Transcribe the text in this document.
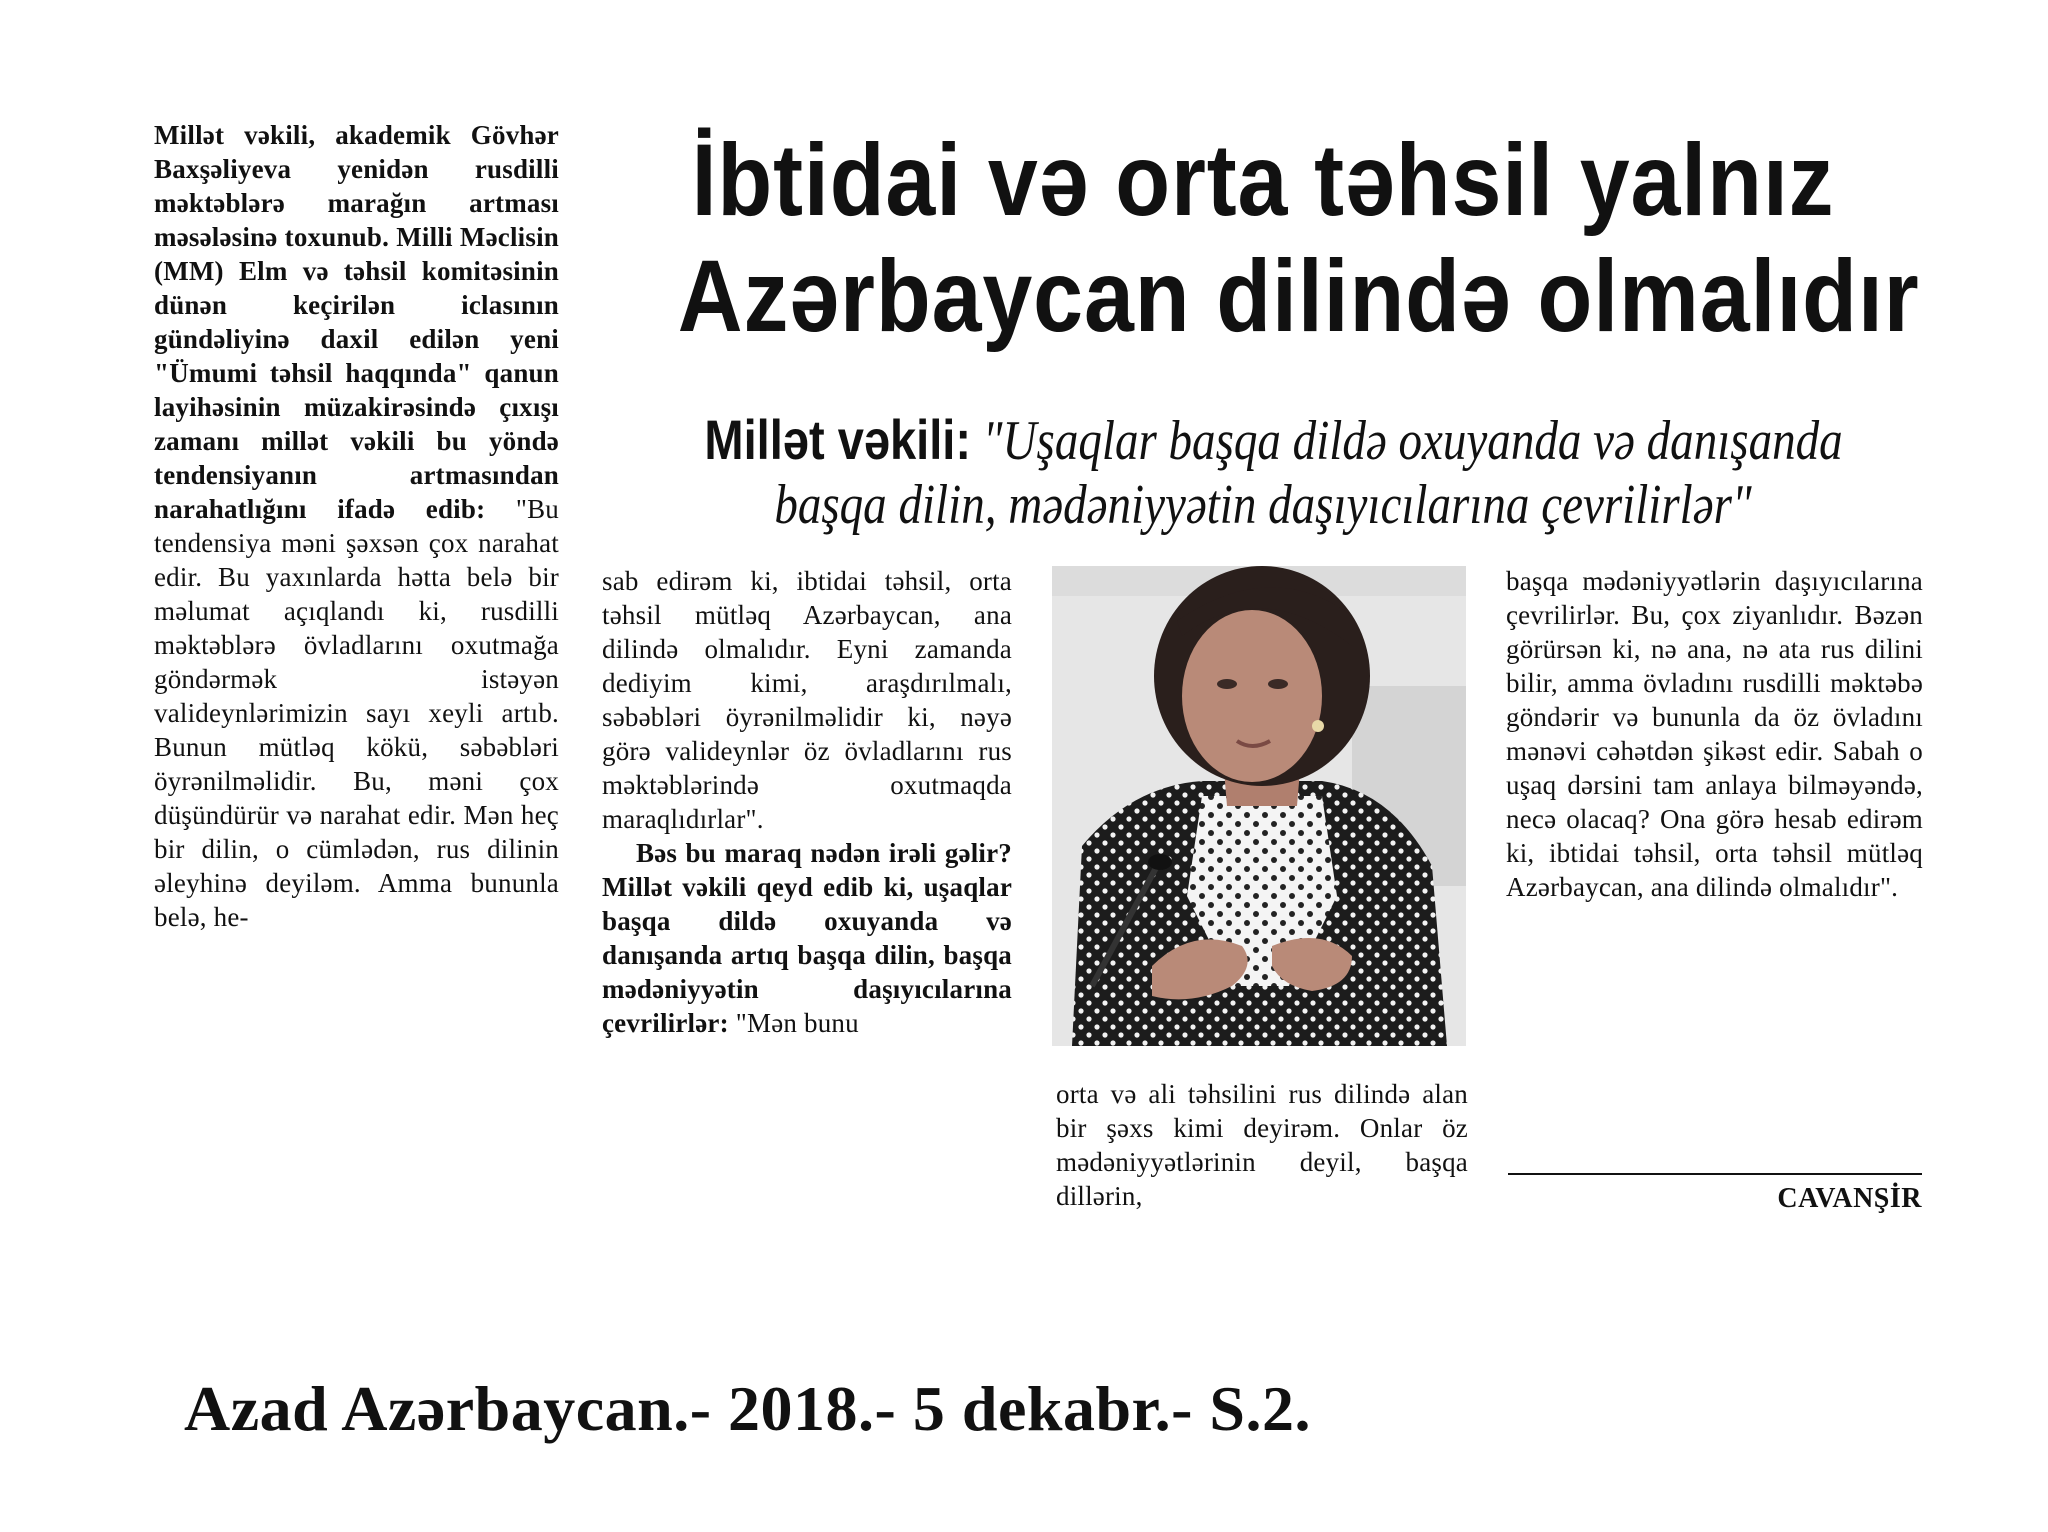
İbtidai və orta təhsil yalnız
Azərbaycan dilində olmalıdır
Millət vəkili: "Uşaqlar başqa dildə oxuyanda və danışanda
başqa dilin, mədəniyyətin daşıyıcılarına çevrilirlər"

Millət vəkili, akademik Gövhər Baxşəliyeva yenidən rusdilli məktəblərə marağın artması məsələsinə toxunub. Milli Məclisin (MM) Elm və təhsil komitəsinin dünən keçirilən iclasının gündəliyinə daxil edilən yeni "Ümumi təhsil haqqında" qanun layihəsinin müzakirəsində çıxışı zamanı millət vəkili bu yöndə tendensiyanın artmasından narahatlığını ifadə edib: "Bu tendensiya məni şəxsən çox narahat edir. Bu yaxınlarda hətta belə bir məlumat açıqlandı ki, rusdilli məktəblərə övladlarını oxutmağa göndərmək istəyən valideynlərimizin sayı xeyli artıb. Bunun mütləq kökü, səbəbləri öyrənilməlidir. Bu, məni çox düşündürür və narahat edir. Mən heç bir dilin, o cümlədən, rus dilinin əleyhinə deyiləm. Amma bununla belə, he-

sab edirəm ki, ibtidai təhsil, orta təhsil mütləq Azərbaycan, ana dilində olmalıdır. Eyni zamanda dediyim kimi, araşdırılmalı, səbəbləri öyrənilməlidir ki, nəyə görə valideynlər öz övladlarını rus məktəblərində oxutmaqda maraqlıdırlar".

Bəs bu maraq nədən irəli gəlir? Millət vəkili qeyd edib ki, uşaqlar başqa dildə oxuyanda və danışanda artıq başqa dilin, başqa mədəniyyətin daşıyıcılarına çevrilirlər: "Mən bunu

orta və ali təhsilini rus dilində alan bir şəxs kimi deyirəm. Onlar öz mədəniyyətlərinin deyil, başqa dillərin,

başqa mədəniyyətlərin daşıyıcılarına çevrilirlər. Bu, çox ziyanlıdır. Bəzən görürsən ki, nə ana, nə ata rus dilini bilir, amma övladını rusdilli məktəbə göndərir və bununla da öz övladını mənəvi cəhətdən şikəst edir. Sabah o uşaq dərsini tam anlaya bilməyəndə, necə olacaq? Ona görə hesab edirəm ki, ibtidai təhsil, orta təhsil mütləq Azərbaycan, ana dilində olmalıdır".

CAVANŞİR
Azad Azərbaycan.- 2018.- 5 dekabr.- S.2.
